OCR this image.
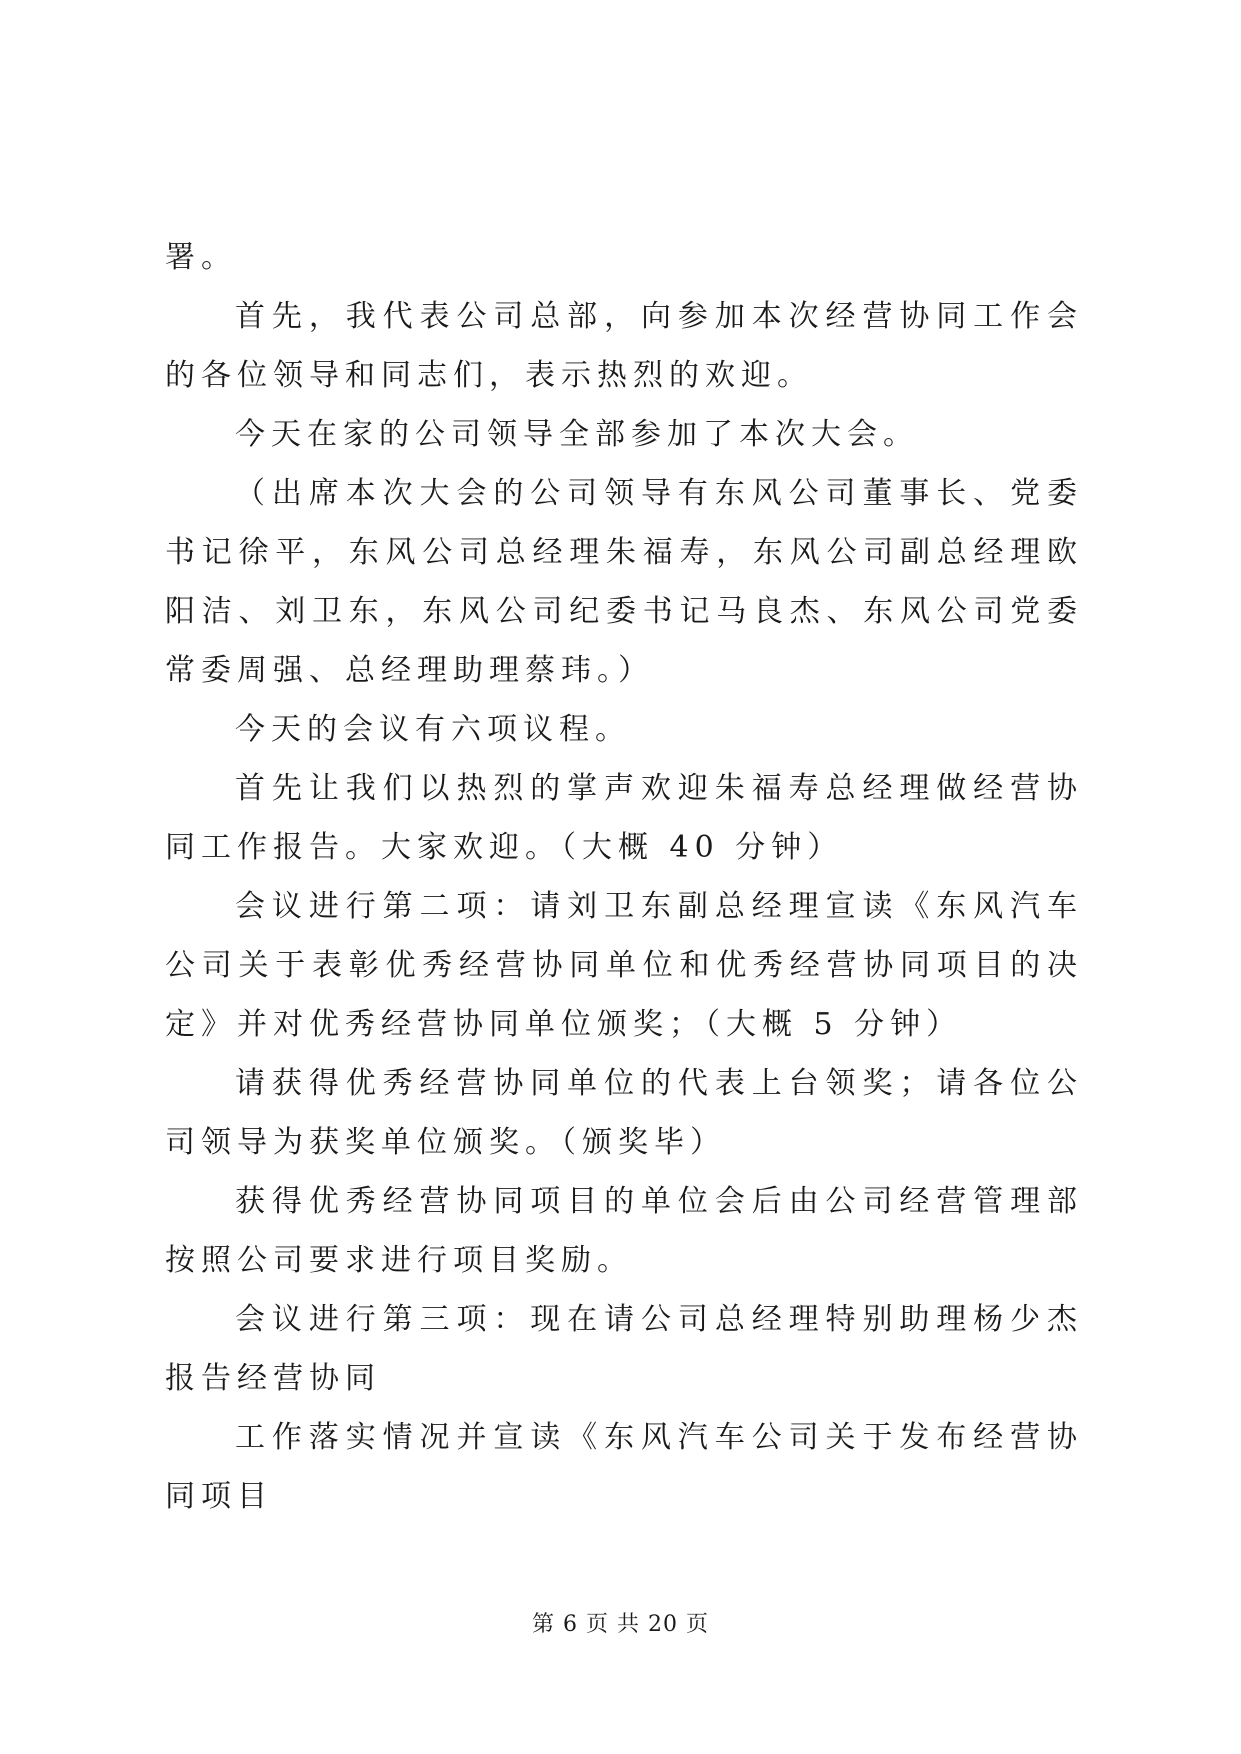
署。

首先，我代表公司总部，向参加本次经营协同工作会的各位领导和同志们，表示热烈的欢迎。

今天在家的公司领导全部参加了本次大会。

（出席本次大会的公司领导有东风公司董事长、党委书记徐平，东风公司总经理朱福寿，东风公司副总经理欧阳洁、刘卫东，东风公司纪委书记马良杰、东风公司党委常委周强、总经理助理蔡玮。）

今天的会议有六项议程。

首先让我们以热烈的掌声欢迎朱福寿总经理做经营协同工作报告。大家欢迎。（大概 40 分钟）

会议进行第二项：请刘卫东副总经理宣读《东风汽车公司关于表彰优秀经营协同单位和优秀经营协同项目的决定》并对优秀经营协同单位颁奖；（大概 5 分钟）

请获得优秀经营协同单位的代表上台领奖；请各位公司领导为获奖单位颁奖。（颁奖毕）

获得优秀经营协同项目的单位会后由公司经营管理部按照公司要求进行项目奖励。

会议进行第三项：现在请公司总经理特别助理杨少杰报告经营协同

工作落实情况并宣读《东风汽车公司关于发布经营协同项目

第 6 页 共 20 页
